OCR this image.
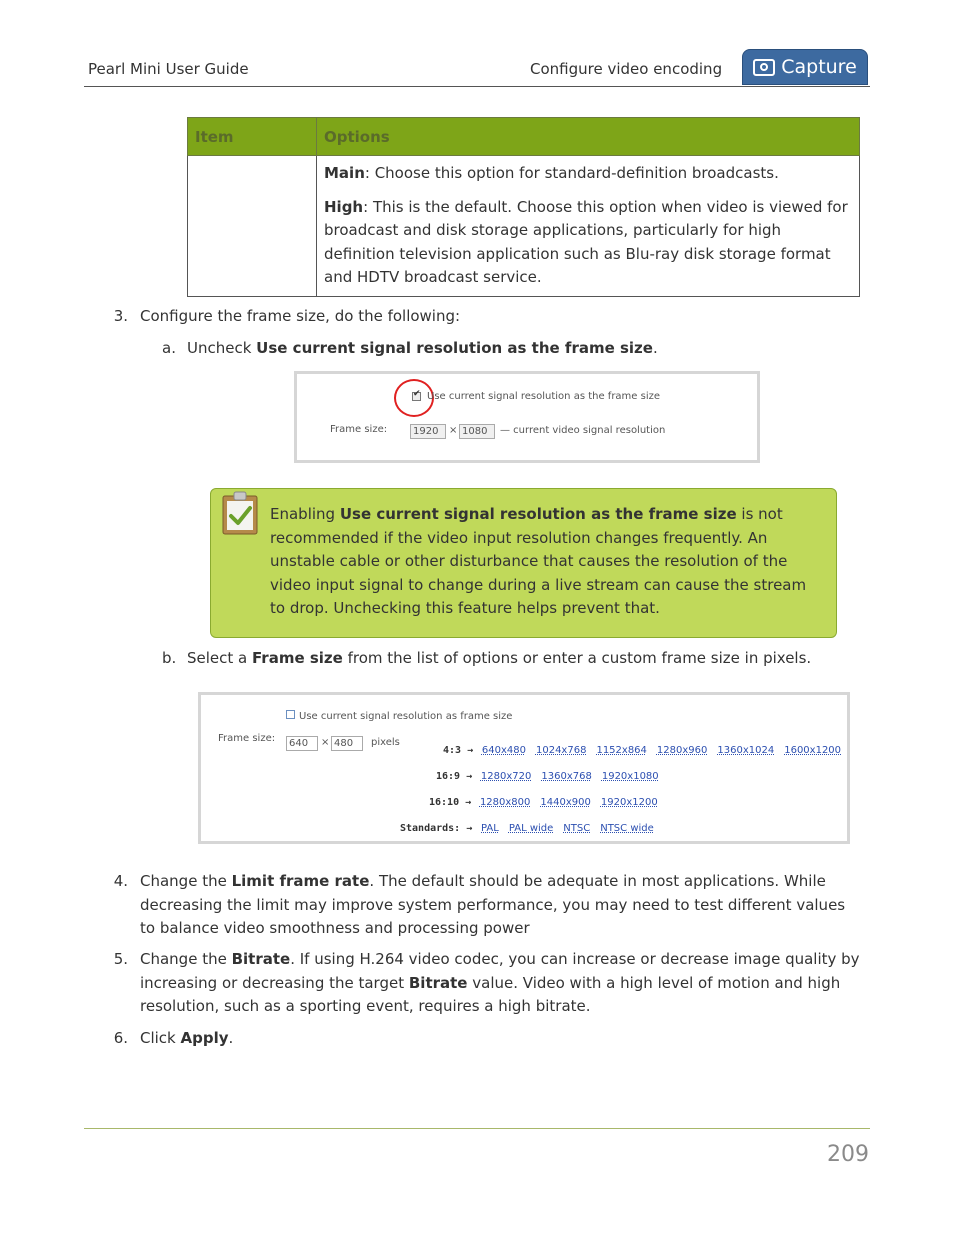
Pearl Mini User Guide	Configure video encoding	Capture
Item	Options

	Main: Choose this option for standard-definition broadcasts.

High: This is the default. Choose this option when video is viewed for broadcast and disk storage applications, particularly for high definition television application such as Blu-ray disk storage format and HDTV broadcast service.

3. Configure the frame size, do the following:
a. Uncheck Use current signal resolution as the frame size.
✔ Use current signal resolution as the frame size
Frame size:	1920	× 1080	— current video signal resolution
Enabling Use current signal resolution as the frame size is not recommended if the video input resolution changes frequently. An unstable cable or other disturbance that causes the resolution of the video input signal to change during a live stream can cause the stream to drop. Unchecking this feature helps prevent that.
b. Select a Frame size from the list of options or enter a custom frame size in pixels.
Use current signal resolution as frame size
Frame size:	640	× 480	pixels
4:3 → 640x480 1024x768 1152x864 1280x960 1360x1024 1600x1200
16:9 → 1280x720 1360x768 1920x1080
16:10 → 1280x800 1440x900 1920x1200
Standards: → PAL PAL wide NTSC NTSC wide
4. Change the Limit frame rate. The default should be adequate in most applications. While decreasing the limit may improve system performance, you may need to test different values to balance video smoothness and processing power
5. Change the Bitrate. If using H.264 video codec, you can increase or decrease image quality by increasing or decreasing the target Bitrate value. Video with a high level of motion and high resolution, such as a sporting event, requires a high bitrate.
6. Click Apply.
209
